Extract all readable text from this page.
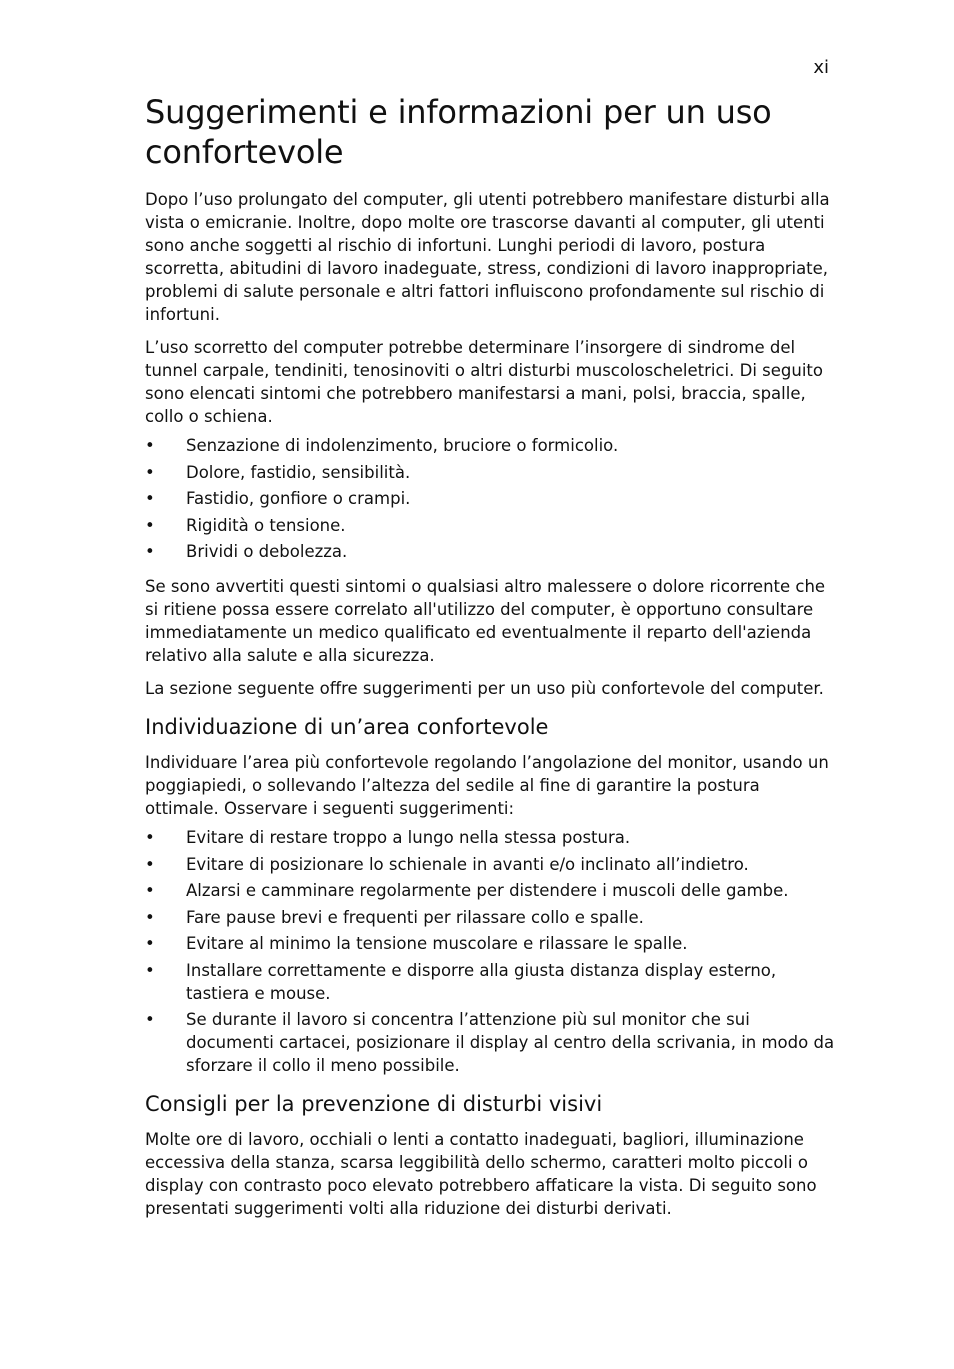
xi
Suggerimenti e informazioni per un uso confortevole

Dopo l’uso prolungato del computer, gli utenti potrebbero manifestare disturbi alla vista o emicranie. Inoltre, dopo molte ore trascorse davanti al computer, gli utenti sono anche soggetti al rischio di infortuni. Lunghi periodi di lavoro, postura scorretta, abitudini di lavoro inadeguate, stress, condizioni di lavoro inappropriate, problemi di salute personale e altri fattori influiscono profondamente sul rischio di infortuni.

L’uso scorretto del computer potrebbe determinare l’insorgere di sindrome del tunnel carpale, tendiniti, tenosinoviti o altri disturbi muscoloscheletrici. Di seguito sono elencati sintomi che potrebbero manifestarsi a mani, polsi, braccia, spalle, collo o schiena.

• Senzazione di indolenzimento, bruciore o formicolio.
• Dolore, fastidio, sensibilità.
• Fastidio, gonfiore o crampi.
• Rigidità o tensione.
• Brividi o debolezza.

Se sono avvertiti questi sintomi o qualsiasi altro malessere o dolore ricorrente che si ritiene possa essere correlato all'utilizzo del computer, è opportuno consultare immediatamente un medico qualificato ed eventualmente il reparto dell'azienda relativo alla salute e alla sicurezza.

La sezione seguente offre suggerimenti per un uso più confortevole del computer.

Individuazione di un’area confortevole

Individuare l’area più confortevole regolando l’angolazione del monitor, usando un poggiapiedi, o sollevando l’altezza del sedile al fine di garantire la postura ottimale. Osservare i seguenti suggerimenti:

• Evitare di restare troppo a lungo nella stessa postura.
• Evitare di posizionare lo schienale in avanti e/o inclinato all’indietro.
• Alzarsi e camminare regolarmente per distendere i muscoli delle gambe.
• Fare pause brevi e frequenti per rilassare collo e spalle.
• Evitare al minimo la tensione muscolare e rilassare le spalle.
• Installare correttamente e disporre alla giusta distanza display esterno, tastiera e mouse.
• Se durante il lavoro si concentra l’attenzione più sul monitor che sui documenti cartacei, posizionare il display al centro della scrivania, in modo da sforzare il collo il meno possibile.
Consigli per la prevenzione di disturbi visivi

Molte ore di lavoro, occhiali o lenti a contatto inadeguati, bagliori, illuminazione eccessiva della stanza, scarsa leggibilità dello schermo, caratteri molto piccoli o display con contrasto poco elevato potrebbero affaticare la vista. Di seguito sono presentati suggerimenti volti alla riduzione dei disturbi derivati.
